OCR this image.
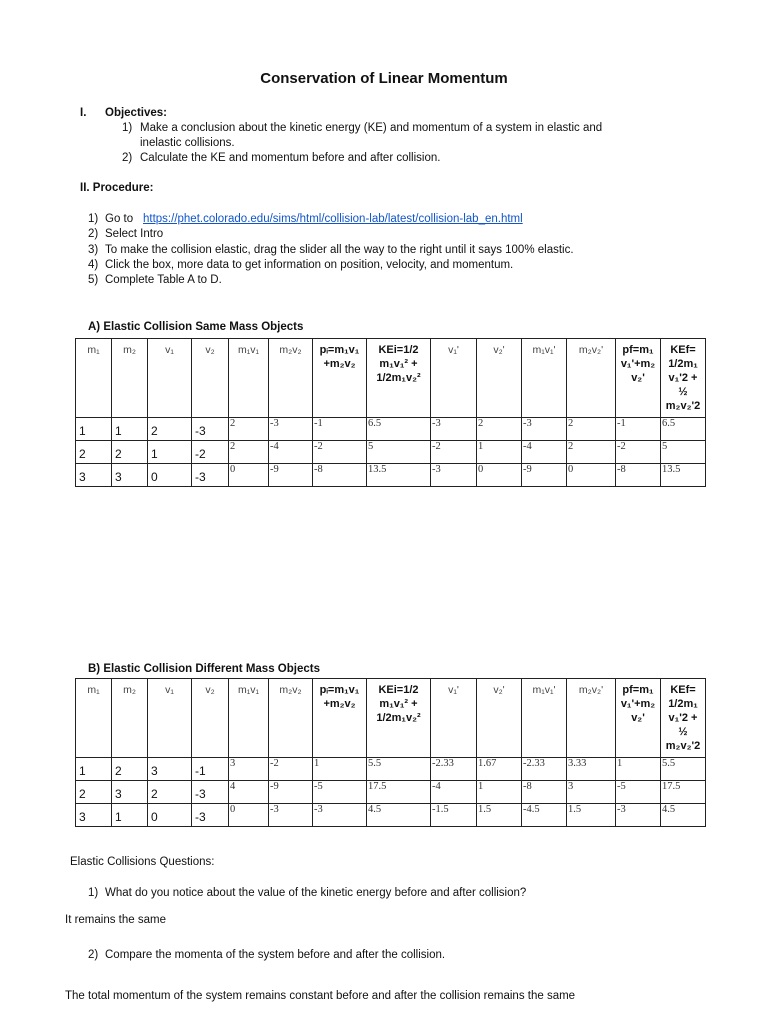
Conservation of Linear Momentum
I. Objectives:
1) Make a conclusion about the kinetic energy (KE) and momentum of a system in elastic and
inelastic collisions.
2) Calculate the KE and momentum before and after collision.
II. Procedure:
1) Go to https://phet.colorado.edu/sims/html/collision-lab/latest/collision-lab_en.html
2) Select Intro
3) To make the collision elastic, drag the slider all the way to the right until it says 100% elastic.
4) Click the box, more data to get information on position, velocity, and momentum.
5) Complete Table A to D.
A) Elastic Collision Same Mass Objects
m₁	m₂	v₁	v₂	m₁v₁	m₂v₂	pᵢ=m₁v₁
+m₂v₂	KEi=1/2
m₁v₁² +
1/2m₁v₂²	v₁'	v₂'	m₁v₁'	m₂v₂'	pf=m₁
v₁'+m₂
v₂'	KEf=
1/2m₁
v₁'2 +
½
m₂v₂'2
1	1	2	-3	2	-3	-1	6.5	-3	2	-3	2	-1	6.5
2	2	1	-2	2	-4	-2	5	-2	1	-4	2	-2	5
3	3	0	-3	0	-9	-8	13.5	-3	0	-9	0	-8	13.5
B) Elastic Collision Different Mass Objects
m₁	m₂	v₁	v₂	m₁v₁	m₂v₂	pᵢ=m₁v₁
+m₂v₂	KEi=1/2
m₁v₁² +
1/2m₁v₂²	v₁'	v₂'	m₁v₁'	m₂v₂'	pf=m₁
v₁'+m₂
v₂'	KEf=
1/2m₁
v₁'2 +
½
m₂v₂'2
1	2	3	-1	3	-2	1	5.5	-2.33	1.67	-2.33	3.33	1	5.5
2	3	2	-3	4	-9	-5	17.5	-4	1	-8	3	-5	17.5
3	1	0	-3	0	-3	-3	4.5	-1.5	1.5	-4.5	1.5	-3	4.5
Elastic Collisions Questions:
1) What do you notice about the value of the kinetic energy before and after collision?
It remains the same
2) Compare the momenta of the system before and after the collision.
The total momentum of the system remains constant before and after the collision remains the same
